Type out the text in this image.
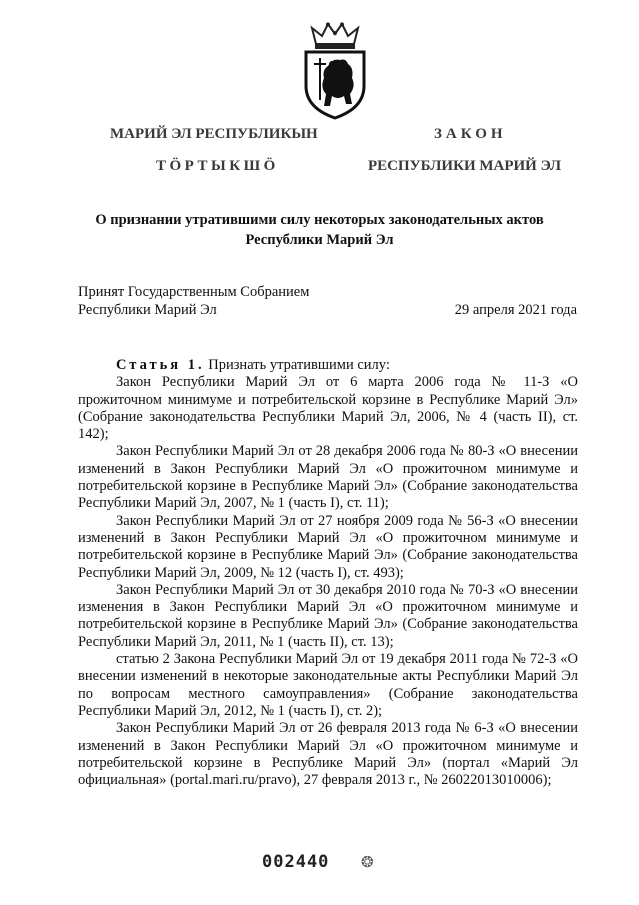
МАРИЙ ЭЛ РЕСПУБЛИКЫН
ТӦРТЫКШӦ
ЗАКОН
РЕСПУБЛИКИ МАРИЙ ЭЛ
О признании утратившими силу некоторых законодательных актов
Республики Марий Эл
Принят Государственным Собранием
Республики Марий Эл	29 апреля 2021 года

Статья 1. Признать утратившими силу:

Закон Республики Марий Эл от 6 марта 2006 года № 11-З «О прожиточном минимуме и потребительской корзине в Республике Марий Эл» (Собрание законодательства Республики Марий Эл, 2006, № 4 (часть II), ст. 142);

Закон Республики Марий Эл от 28 декабря 2006 года № 80-З «О внесении изменений в Закон Республики Марий Эл «О прожиточном минимуме и потребительской корзине в Республике Марий Эл» (Собрание законодательства Республики Марий Эл, 2007, № 1 (часть I), ст. 11);

Закон Республики Марий Эл от 27 ноября 2009 года № 56-З «О внесении изменений в Закон Республики Марий Эл «О прожиточном минимуме и потребительской корзине в Республике Марий Эл» (Собрание законодательства Республики Марий Эл, 2009, № 12 (часть I), ст. 493);

Закон Республики Марий Эл от 30 декабря 2010 года № 70-З «О внесении изменения в Закон Республики Марий Эл «О прожиточном минимуме и потребительской корзине в Республике Марий Эл» (Собрание законодательства Республики Марий Эл, 2011, № 1 (часть II), ст. 13);

статью 2 Закона Республики Марий Эл от 19 декабря 2011 года № 72-З «О внесении изменений в некоторые законодательные акты Республики Марий Эл по вопросам местного самоуправления» (Собрание законодательства Республики Марий Эл, 2012, № 1 (часть I), ст. 2);

Закон Республики Марий Эл от 26 февраля 2013 года № 6-З «О внесении изменений в Закон Республики Марий Эл «О прожиточном минимуме и потребительской корзине в Республике Марий Эл» (портал «Марий Эл официальная» (portal.mari.ru/pravo), 27 февраля 2013 г., № 26022013010006);

002440 ❂
